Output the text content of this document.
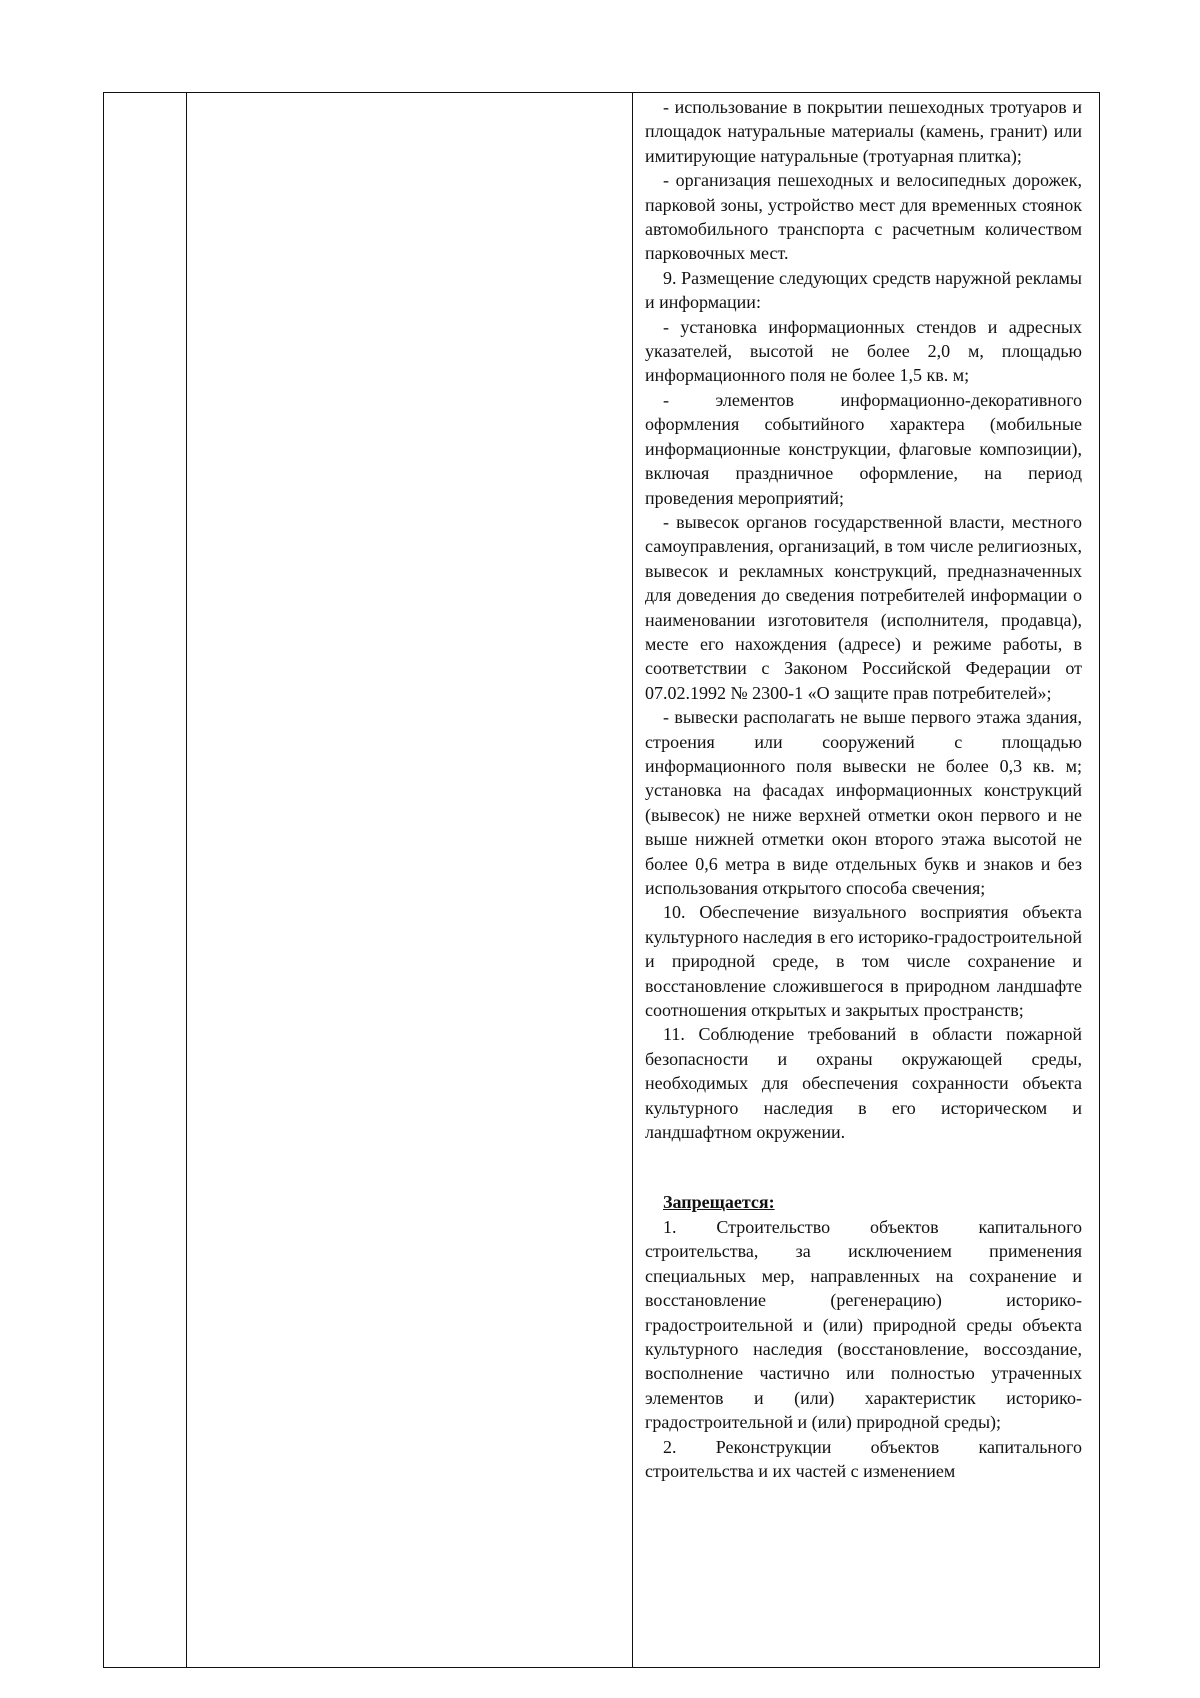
- использование в покрытии пешеходных тротуаров и площадок натуральные материалы (камень, гранит) или имитирующие натуральные (тротуарная плитка);

- организация пешеходных и велосипедных дорожек, парковой зоны, устройство мест для временных стоянок автомобильного транспорта с расчетным количеством парковочных мест.

9. Размещение следующих средств наружной рекламы и информации:

- установка информационных стендов и адресных указателей, высотой не более 2,0 м, площадью информационного поля не более 1,5 кв. м;

- элементов информационно-декоративного оформления событийного характера (мобильные информационные конструкции, флаговые композиции), включая праздничное оформление, на период проведения мероприятий;

- вывесок органов государственной власти, местного самоуправления, организаций, в том числе религиозных, вывесок и рекламных конструкций, предназначенных для доведения до сведения потребителей информации о наименовании изготовителя (исполнителя, продавца), месте его нахождения (адресе) и режиме работы, в соответствии с Законом Российской Федерации от 07.02.1992 № 2300-1 «О защите прав потребителей»;

- вывески располагать не выше первого этажа здания, строения или сооружений с площадью информационного поля вывески не более 0,3 кв. м; установка на фасадах информационных конструкций (вывесок) не ниже верхней отметки окон первого и не выше нижней отметки окон второго этажа высотой не более 0,6 метра в виде отдельных букв и знаков и без использования открытого способа свечения;

10. Обеспечение визуального восприятия объекта культурного наследия в его историко-градостроительной и природной среде, в том числе сохранение и восстановление сложившегося в природном ландшафте соотношения открытых и закрытых пространств;

11. Соблюдение требований в области пожарной безопасности и охраны окружающей среды, необходимых для обеспечения сохранности объекта культурного наследия в его историческом и ландшафтном окружении.

Запрещается:

1. Строительство объектов капитального строительства, за исключением применения специальных мер, направленных на сохранение и восстановление (регенерацию) историко-градостроительной и (или) природной среды объекта культурного наследия (восстановление, воссоздание, восполнение частично или полностью утраченных элементов и (или) характеристик историко-градостроительной и (или) природной среды);

2. Реконструкции объектов капитального строительства и их частей с изменением
